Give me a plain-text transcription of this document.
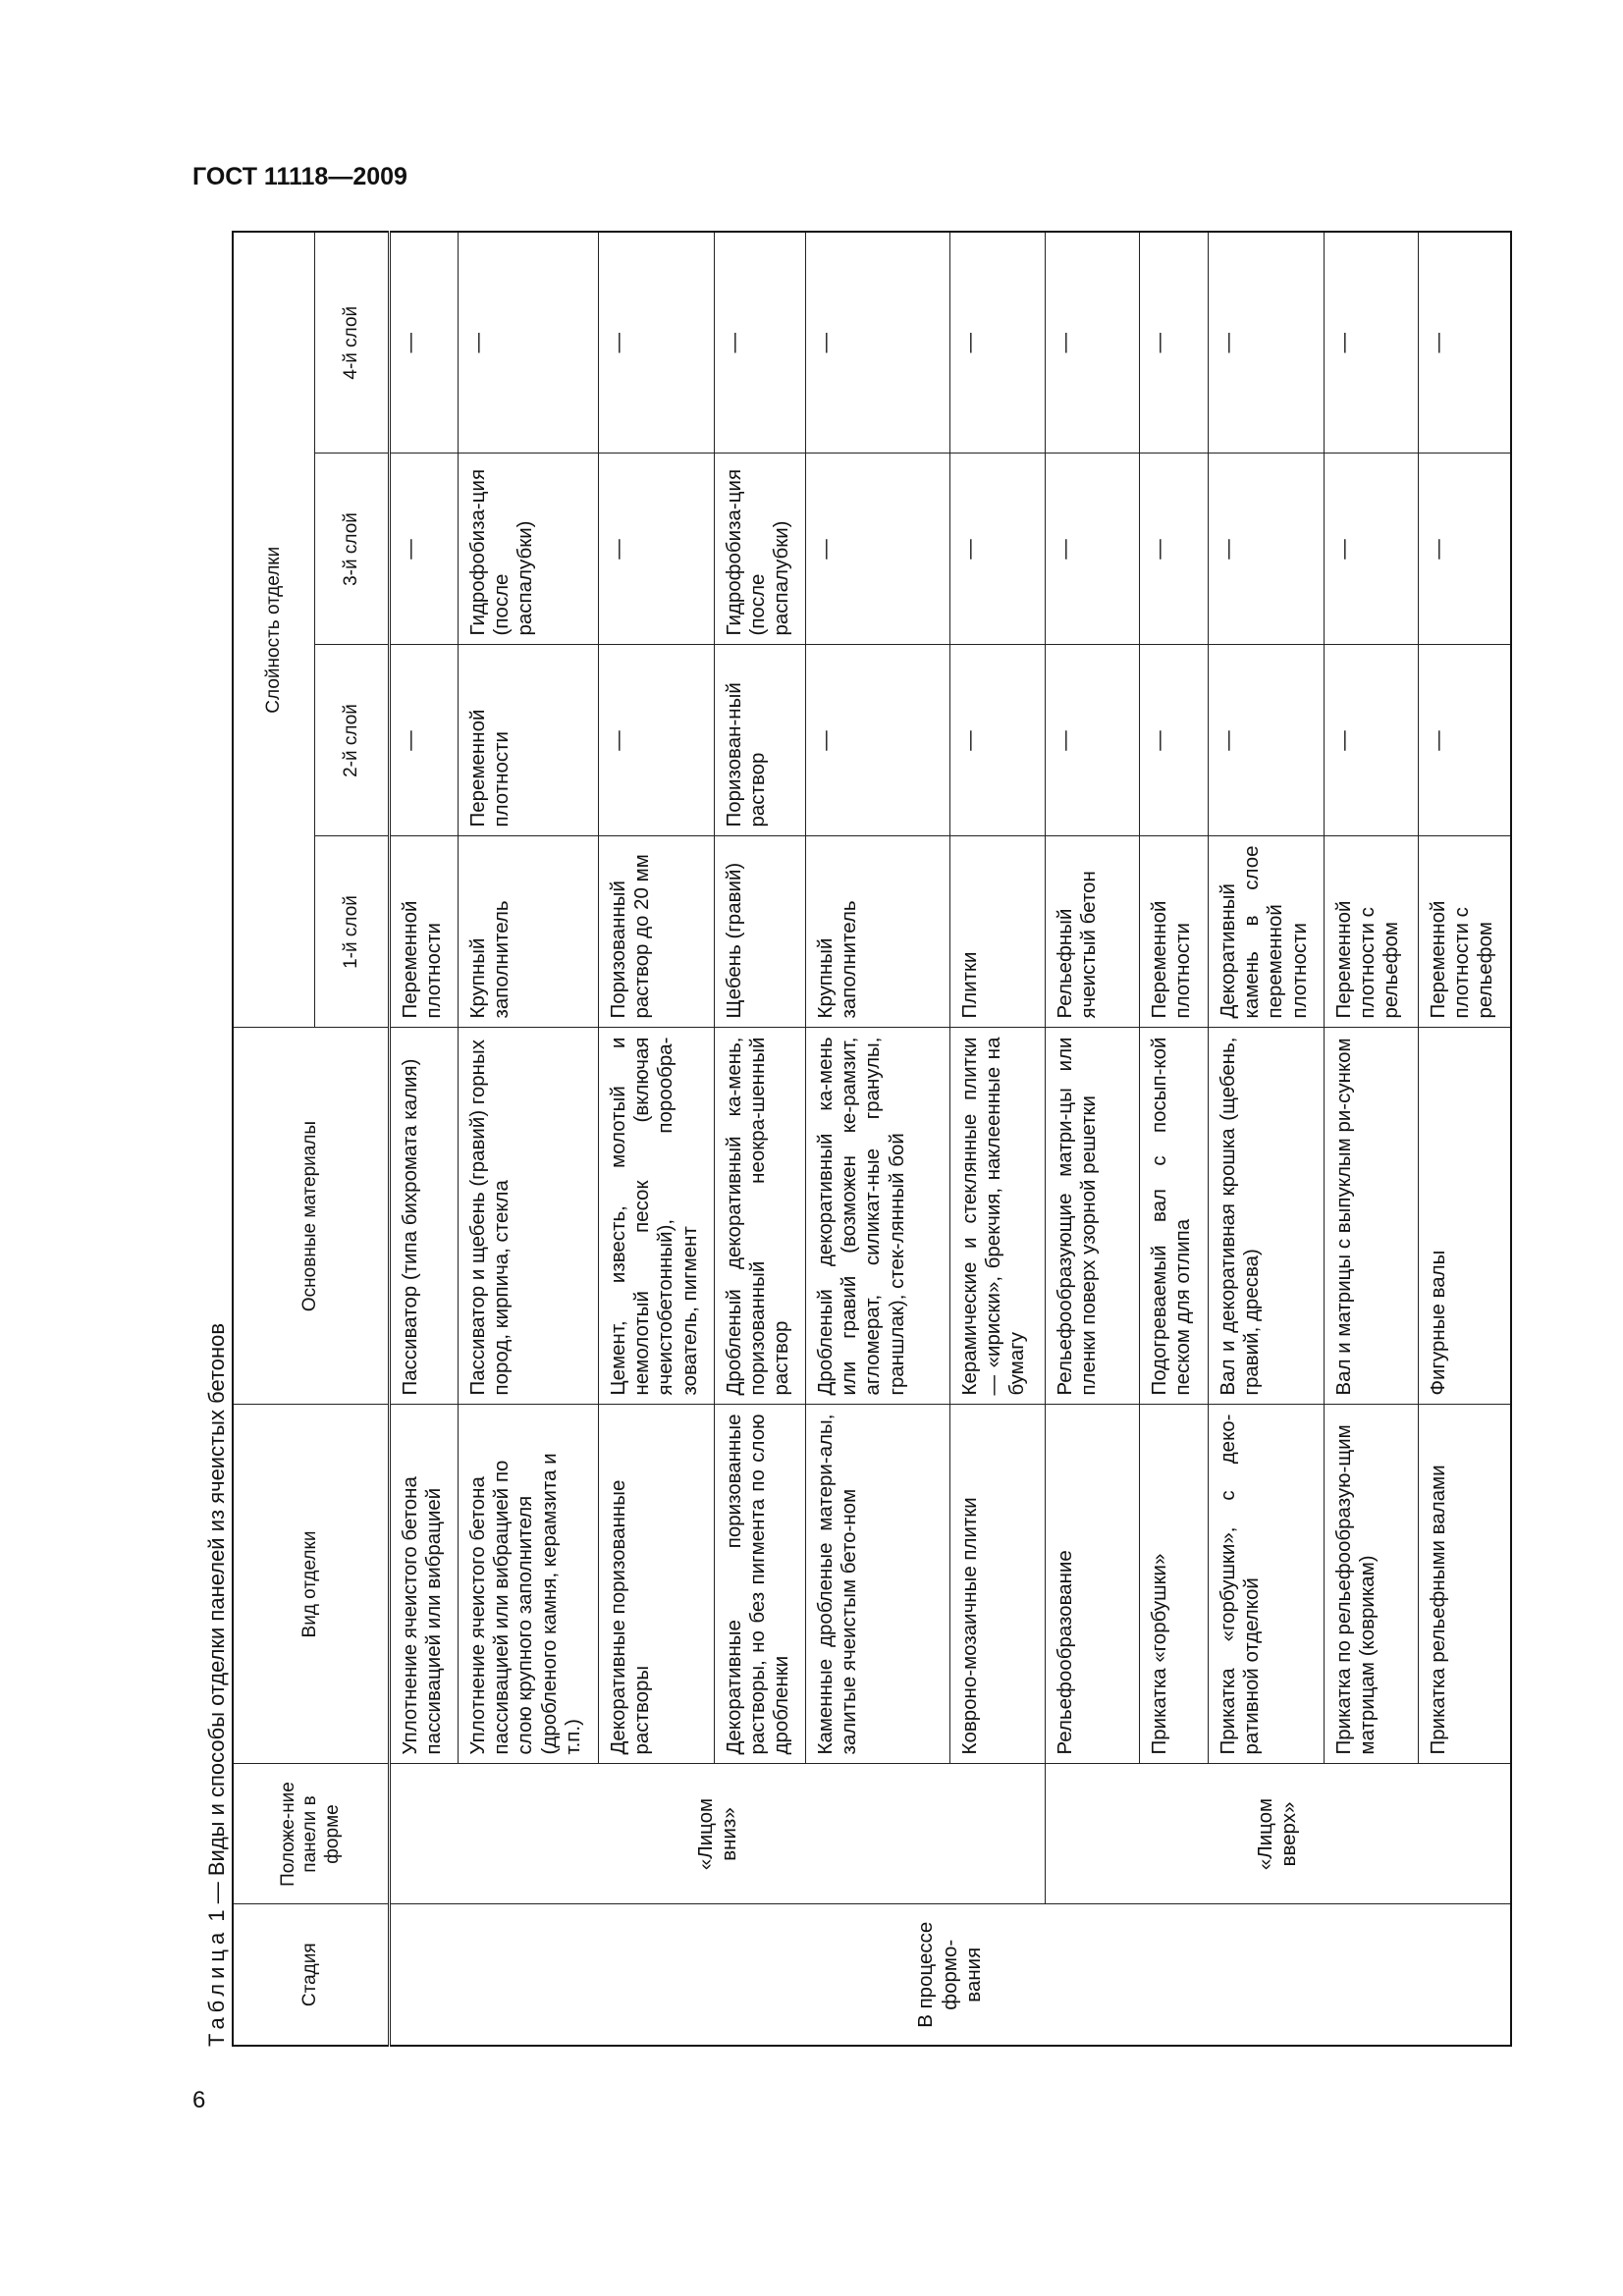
ГОСТ 11118—2009
Таблица 1 — Виды и способы отделки панелей из ячеистых бетонов
Стадия	Положе-ние панели в форме	Вид отделки	Основные материалы	Слойность отделки			
				1-й слой	2-й слой	3-й слой	4-й слой
В процессе формо-вания	«Лицом вниз»	Уплотнение ячеистого бетона пассивацией или вибрацией	Пассиватор (типа бихромата калия)	Переменной плотности	—	—	—
		Уплотнение ячеистого бетона пассивацией или вибрацией по слою крупного заполнителя (дробленого камня, керамзита и т.п.)	Пассиватор и щебень (гравий) горных пород, кирпича, стекла	Крупный заполнитель	Переменной плотности	Гидрофобиза-ция (после распалубки)	—
		Декоративные поризованные растворы	Цемент, известь, молотый и немолотый песок (включая ячеистобетонный), порообра-зователь, пигмент	Поризованный раствор до 20 мм	—	—	—
		Декоративные поризованные растворы, но без пигмента по слою дробленки	Дробленый декоративный ка-мень, поризованный неокра-шенный раствор	Щебень (гравий)	Поризован-ный раствор	Гидрофобиза-ция (после распалубки)	—
		Каменные дробленые матери-алы, залитые ячеистым бето-ном	Дробленый декоративный ка-мень или гравий (возможен ке-рамзит, агломерат, силикат-ные гранулы, граншлак), стек-лянный бой	Крупный заполнитель	—	—	—
		Ковроно-мозаичные плитки	Керамические и стеклянные плитки — «ириски», брекчия, наклеенные на бумагу	Плитки	—	—	—
	«Лицом вверх»	Рельефообразование	Рельефообразующие матри-цы или пленки поверх узорной решетки	Рельефный ячеистый бетон	—	—	—
		Прикатка «горбушки»	Подогреваемый вал с посып-кой песком для отлипа	Переменной плотности	—	—	—
		Прикатка «горбушки», с деко-ративной отделкой	Вал и декоративная крошка (щебень, гравий, дресва)	Декоративный камень в слое переменной плотности	—	—	—
		Прикатка по рельефообразую-щим матрицам (коврикам)	Вал и матрицы с выпуклым ри-сунком	Переменной плотности с рельефом	—	—	—
		Прикатка рельефными валами	Фигурные валы	Переменной плотности с рельефом	—	—	—
6
